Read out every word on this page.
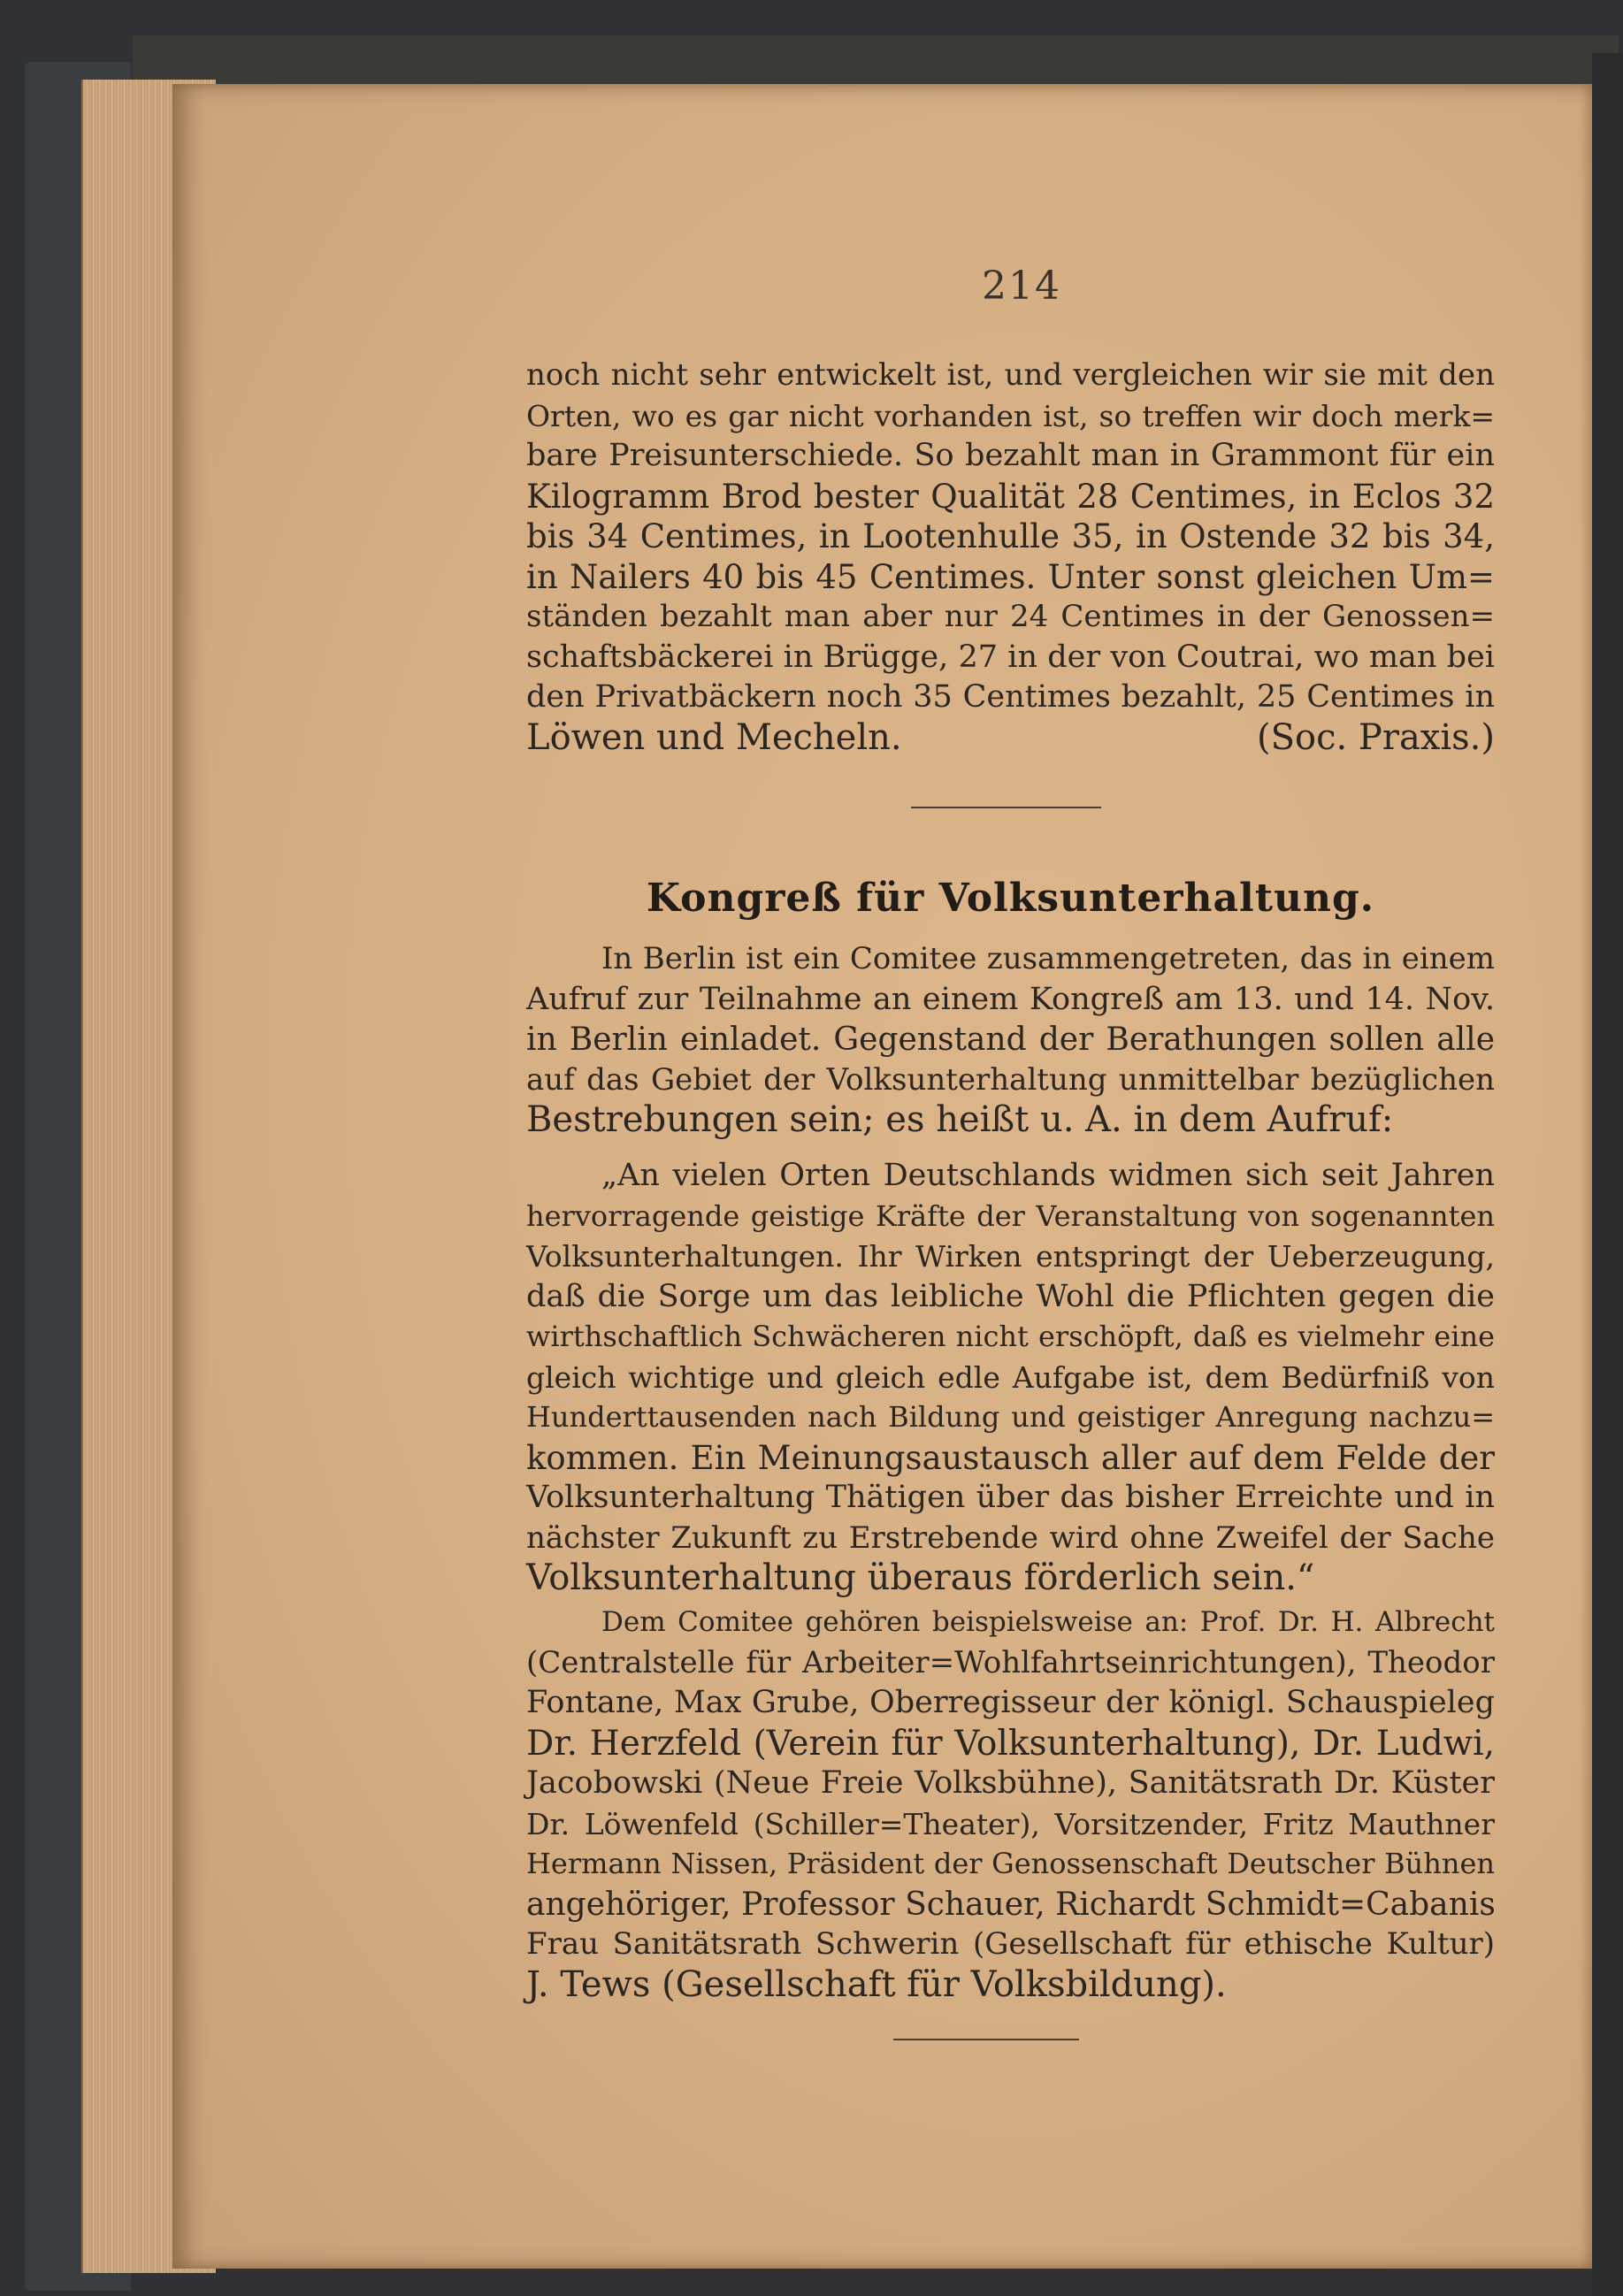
214
noch nicht sehr entwickelt ist, und vergleichen wir sie mit den
Orten, wo es gar nicht vorhanden ist, so treffen wir doch merk=
bare Preisunterschiede. So bezahlt man in Grammont für ein
Kilogramm Brod bester Qualität 28 Centimes, in Eclos 32
bis 34 Centimes, in Lootenhulle 35, in Ostende 32 bis 34,
in Nailers 40 bis 45 Centimes. Unter sonst gleichen Um=
ständen bezahlt man aber nur 24 Centimes in der Genossen=
schaftsbäckerei in Brügge, 27 in der von Coutrai, wo man bei
den Privatbäckern noch 35 Centimes bezahlt, 25 Centimes in
Löwen und Mecheln.	(Soc. Praxis.)
Kongreß für Volksunterhaltung.
In Berlin ist ein Comitee zusammengetreten, das in einem
Aufruf zur Teilnahme an einem Kongreß am 13. und 14. Nov.
in Berlin einladet. Gegenstand der Berathungen sollen alle
auf das Gebiet der Volksunterhaltung unmittelbar bezüglichen
Bestrebungen sein; es heißt u. A. in dem Aufruf:
„An vielen Orten Deutschlands widmen sich seit Jahren
hervorragende geistige Kräfte der Veranstaltung von sogenannten
Volksunterhaltungen. Ihr Wirken entspringt der Ueberzeugung,
daß die Sorge um das leibliche Wohl die Pflichten gegen die
wirthschaftlich Schwächeren nicht erschöpft, daß es vielmehr eine
gleich wichtige und gleich edle Aufgabe ist, dem Bedürfniß von
Hunderttausenden nach Bildung und geistiger Anregung nachzu=
kommen. Ein Meinungsaustausch aller auf dem Felde der
Volksunterhaltung Thätigen über das bisher Erreichte und in
nächster Zukunft zu Erstrebende wird ohne Zweifel der Sache
Volksunterhaltung überaus förderlich sein.“
Dem Comitee gehören beispielsweise an: Prof. Dr. H. Albrecht
(Centralstelle für Arbeiter=Wohlfahrtseinrichtungen), Theodor
Fontane, Max Grube, Oberregisseur der königl. Schauspieleg
Dr. Herzfeld (Verein für Volksunterhaltung), Dr. Ludwi,
Jacobowski (Neue Freie Volksbühne), Sanitätsrath Dr. Küster
Dr. Löwenfeld (Schiller=Theater), Vorsitzender, Fritz Mauthner
Hermann Nissen, Präsident der Genossenschaft Deutscher Bühnen
angehöriger, Professor Schauer, Richardt Schmidt=Cabanis
Frau Sanitätsrath Schwerin (Gesellschaft für ethische Kultur)
J. Tews (Gesellschaft für Volksbildung).
